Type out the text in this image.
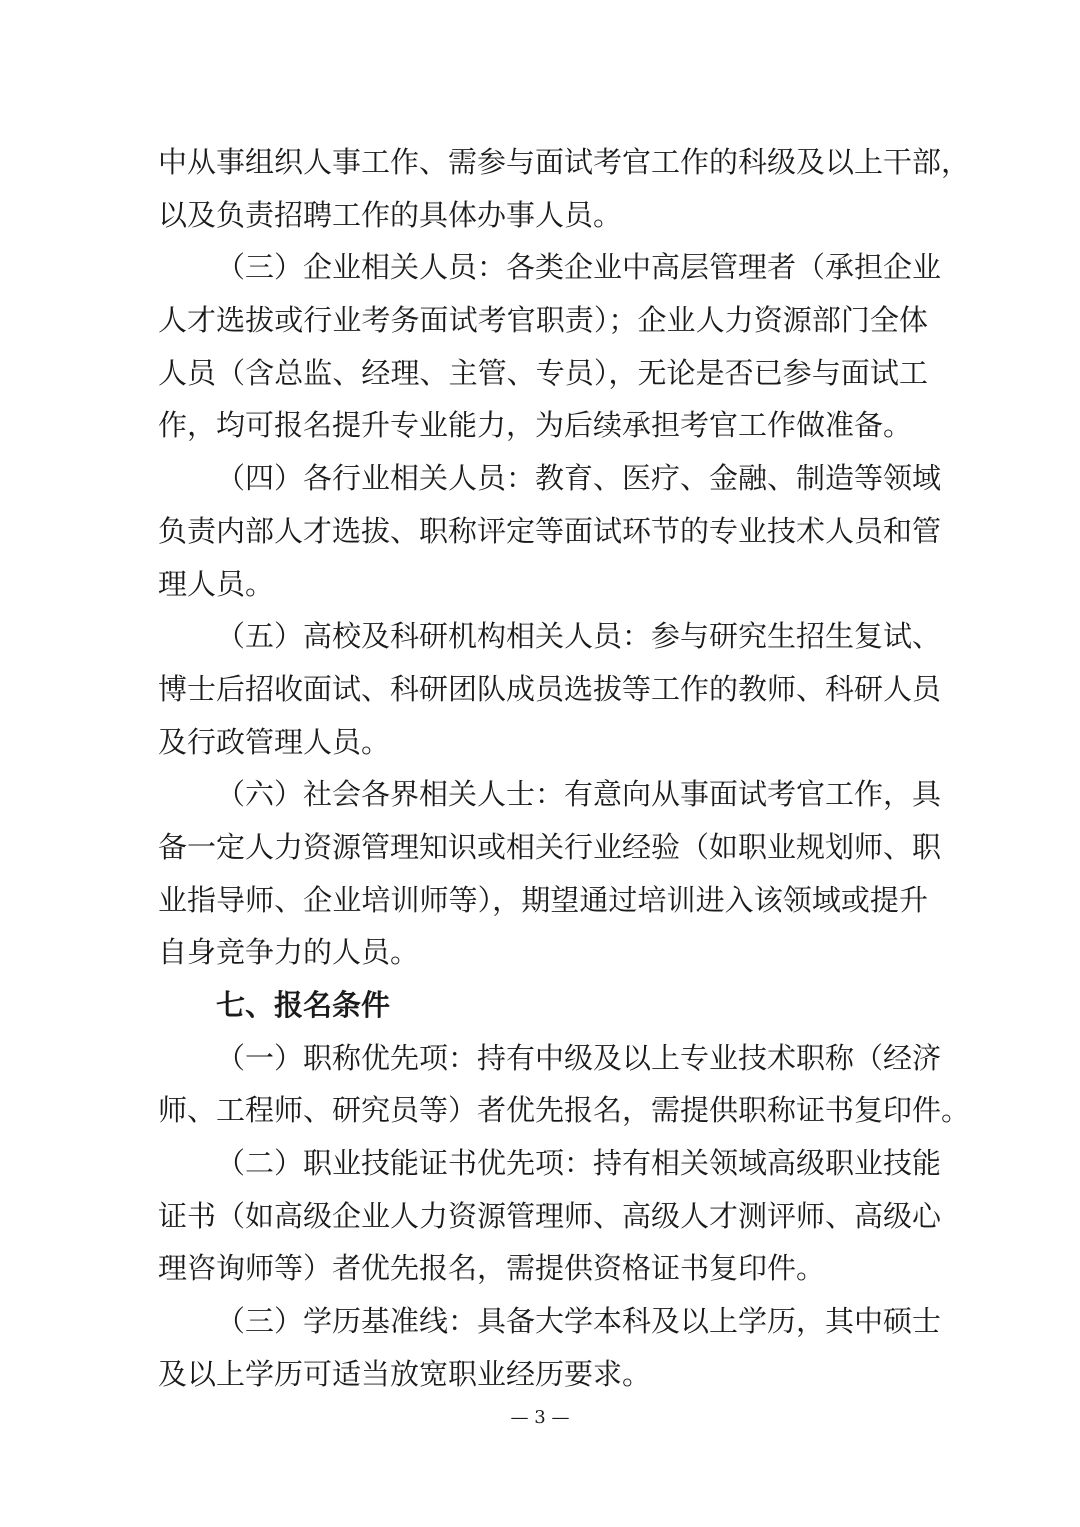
中从事组织人事工作、需参与面试考官工作的科级及以上干部，
以及负责招聘工作的具体办事人员。
（三）企业相关人员：各类企业中高层管理者（承担企业
人才选拔或行业考务面试考官职责）；企业人力资源部门全体
人员（含总监、经理、主管、专员），无论是否已参与面试工
作，均可报名提升专业能力，为后续承担考官工作做准备。
（四）各行业相关人员：教育、医疗、金融、制造等领域
负责内部人才选拔、职称评定等面试环节的专业技术人员和管
理人员。
（五）高校及科研机构相关人员：参与研究生招生复试、
博士后招收面试、科研团队成员选拔等工作的教师、科研人员
及行政管理人员。
（六）社会各界相关人士：有意向从事面试考官工作，具
备一定人力资源管理知识或相关行业经验（如职业规划师、职
业指导师、企业培训师等），期望通过培训进入该领域或提升
自身竞争力的人员。
七、报名条件
（一）职称优先项：持有中级及以上专业技术职称（经济
师、工程师、研究员等）者优先报名，需提供职称证书复印件。
（二）职业技能证书优先项：持有相关领域高级职业技能
证书（如高级企业人力资源管理师、高级人才测评师、高级心
理咨询师等）者优先报名，需提供资格证书复印件。
（三）学历基准线：具备大学本科及以上学历，其中硕士
及以上学历可适当放宽职业经历要求。
— 3 —
